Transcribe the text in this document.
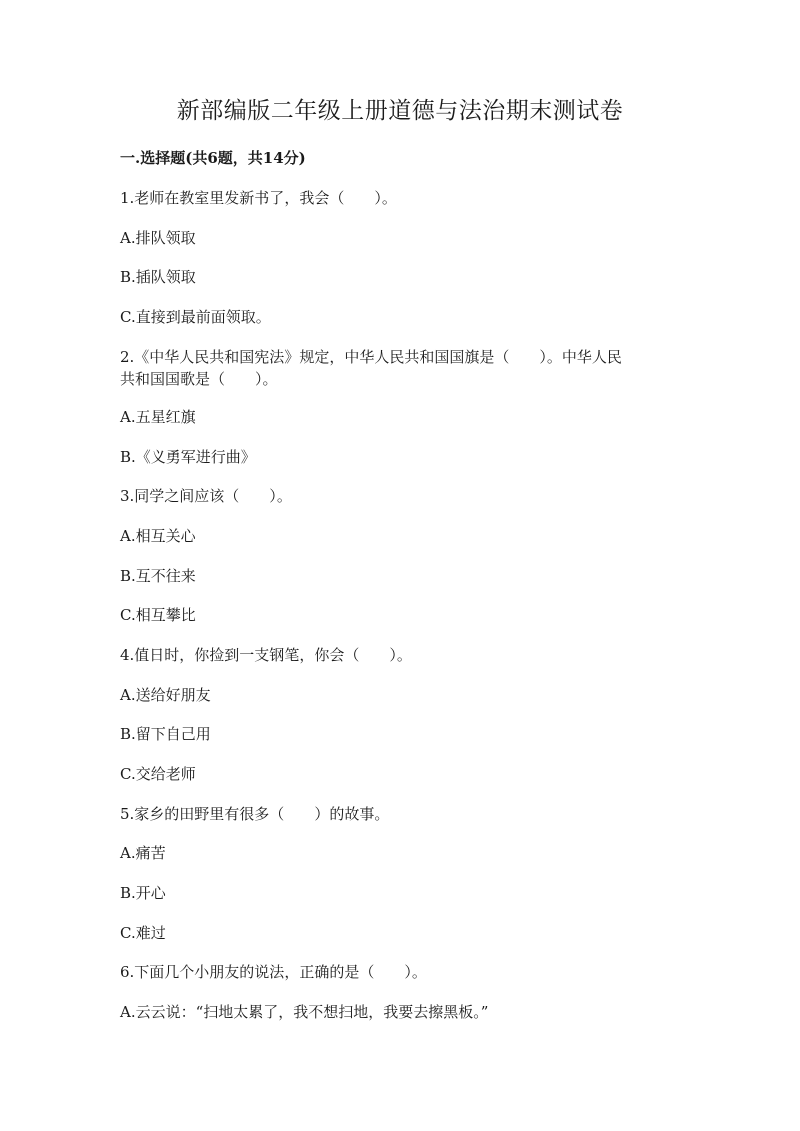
新部编版二年级上册道德与法治期末测试卷
一.选择题(共6题，共14分)
1.老师在教室里发新书了，我会（　　）。
A.排队领取
B.插队领取
C.直接到最前面领取。
2.《中华人民共和国宪法》规定，中华人民共和国国旗是（　　）。中华人民
共和国国歌是（　　）。
A.五星红旗
B.《义勇军进行曲》
3.同学之间应该（　　）。
A.相互关心
B.互不往来
C.相互攀比
4.值日时，你捡到一支钢笔，你会（　　）。
A.送给好朋友
B.留下自己用
C.交给老师
5.家乡的田野里有很多（　　）的故事。
A.痛苦
B.开心
C.难过
6.下面几个小朋友的说法，正确的是（　　）。
A.云云说：“扫地太累了，我不想扫地，我要去擦黑板。”
